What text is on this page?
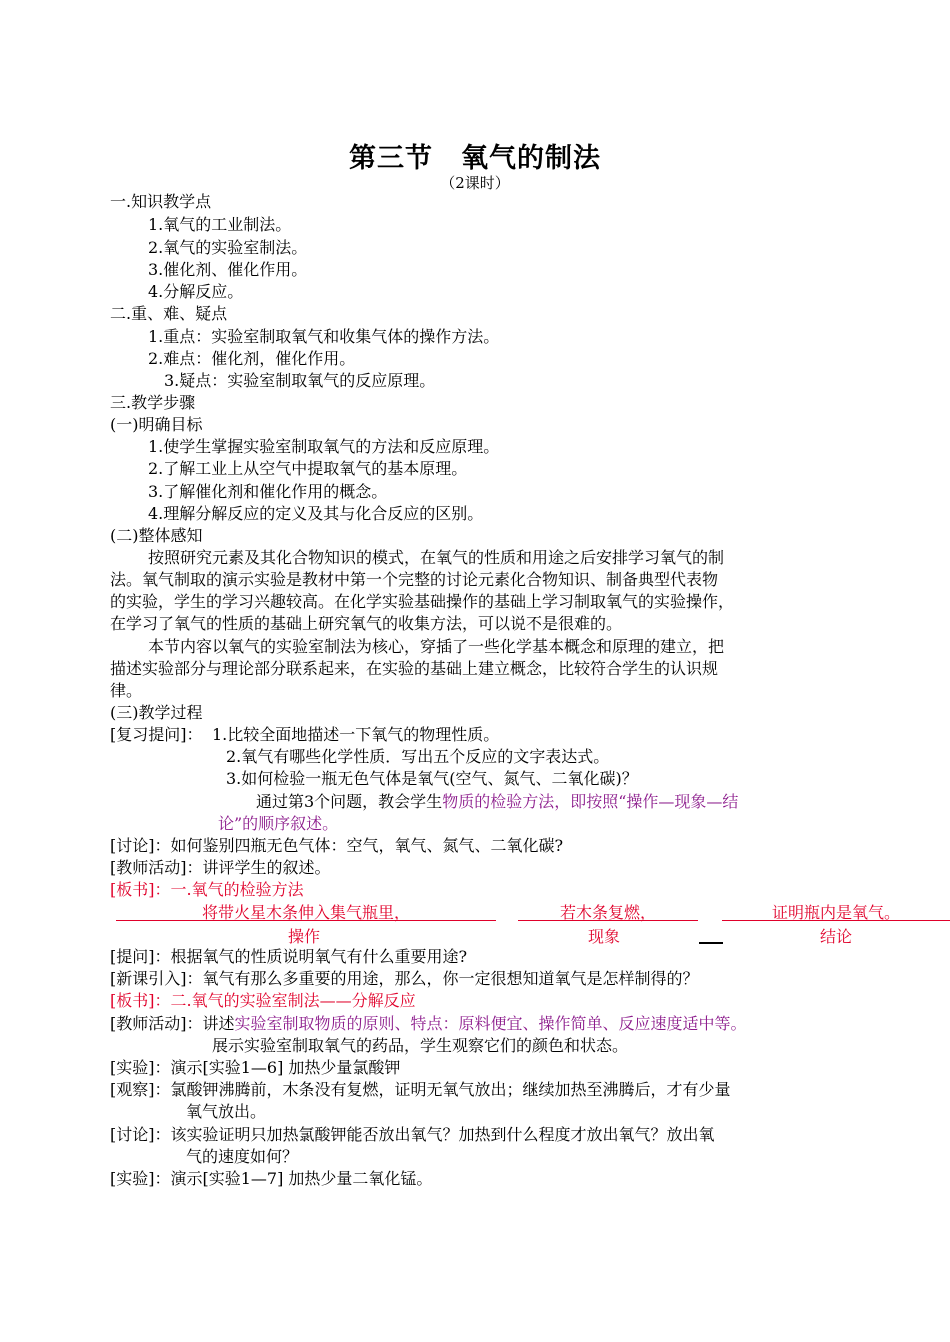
第三节　氧气的制法
（2课时）
一.知识教学点
1.氧气的工业制法。
2.氧气的实验室制法。
3.催化剂、催化作用。
4.分解反应。
二.重、难、疑点
1.重点：实验室制取氧气和收集气体的操作方法。
2.难点：催化剂，催化作用。
3.疑点：实验室制取氧气的反应原理。
三.教学步骤
(一)明确目标
1.使学生掌握实验室制取氧气的方法和反应原理。
2.了解工业上从空气中提取氧气的基本原理。
3.了解催化剂和催化作用的概念。
4.理解分解反应的定义及其与化合反应的区别。
(二)整体感知
按照研究元素及其化合物知识的模式，在氧气的性质和用途之后安排学习氧气的制
法。氧气制取的演示实验是教材中第一个完整的讨论元素化合物知识、制备典型代表物
的实验，学生的学习兴趣较高。在化学实验基础操作的基础上学习制取氧气的实验操作，
在学习了氧气的性质的基础上研究氧气的收集方法，可以说不是很难的。
本节内容以氧气的实验室制法为核心，穿插了一些化学基本概念和原理的建立，把
描述实验部分与理论部分联系起来，在实验的基础上建立概念，比较符合学生的认识规
律。
(三)教学过程
[复习提问]： 1.比较全面地描述一下氧气的物理性质。
2.氧气有哪些化学性质．写出五个反应的文字表达式。
3.如何检验一瓶无色气体是氧气(空气、氮气、二氧化碳)？
通过第3个问题，教会学生物质的检验方法，即按照“操作—现象—结
论”的顺序叙述。
[讨论]：如何鉴别四瓶无色气体：空气，氧气、氮气、二氧化碳?
[教师活动]：讲评学生的叙述。
[板书]：一.氧气的检验方法
将带火星木条伸入集气瓶里，	若木条复燃，	证明瓶内是氧气。
操作	现象	结论
[提问]：根据氧气的性质说明氧气有什么重要用途?
[新课引入]：氧气有那么多重要的用途，那么，你一定很想知道氧气是怎样制得的？
[板书]：二.氧气的实验室制法——分解反应
[教师活动]：讲述实验室制取物质的原则、特点：原料便宜、操作简单、反应速度适中等。
展示实验室制取氧气的药品，学生观察它们的颜色和状态。
[实验]：演示[实验1—6] 加热少量氯酸钾
[观察]：氯酸钾沸腾前，木条没有复燃，证明无氧气放出；继续加热至沸腾后，才有少量
氧气放出。
[讨论]：该实验证明只加热氯酸钾能否放出氧气？加热到什么程度才放出氧气？放出氧
气的速度如何？
[实验]：演示[实验1—7] 加热少量二氧化锰。
